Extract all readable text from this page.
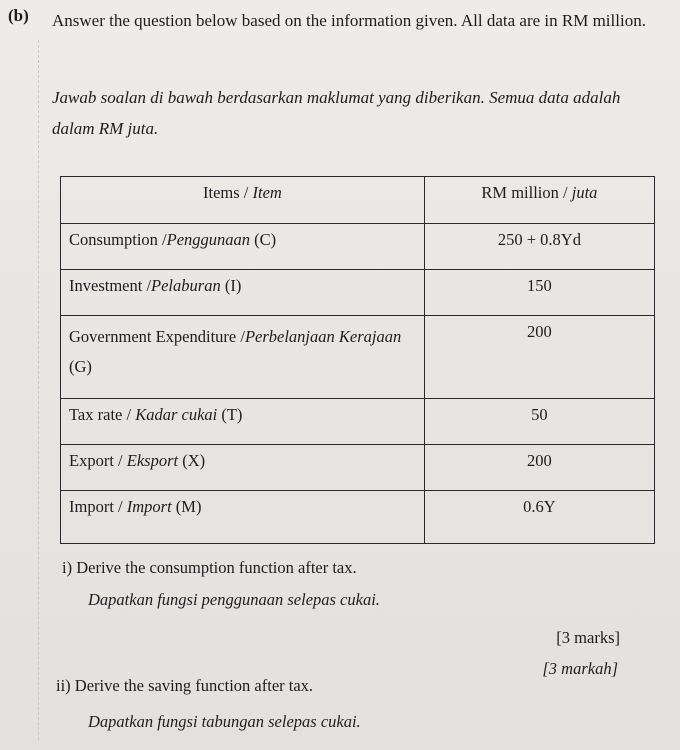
(b) Answer the question below based on the information given. All data are in RM million.
Jawab soalan di bawah berdasarkan maklumat yang diberikan. Semua data adalah dalam RM juta.
Items / Item	RM million / juta
Consumption /Penggunaan (C)	250 + 0.8Yd
Investment /Pelaburan (I)	150
Government Expenditure /Perbelanjaan Kerajaan (G)	200
Tax rate / Kadar cukai (T)	50
Export / Eksport (X)	200
Import / Import (M)	0.6Y
i) Derive the consumption function after tax.
Dapatkan fungsi penggunaan selepas cukai.
[3 marks]
[3 markah]
ii) Derive the saving function after tax.
Dapatkan fungsi tabungan selepas cukai.
